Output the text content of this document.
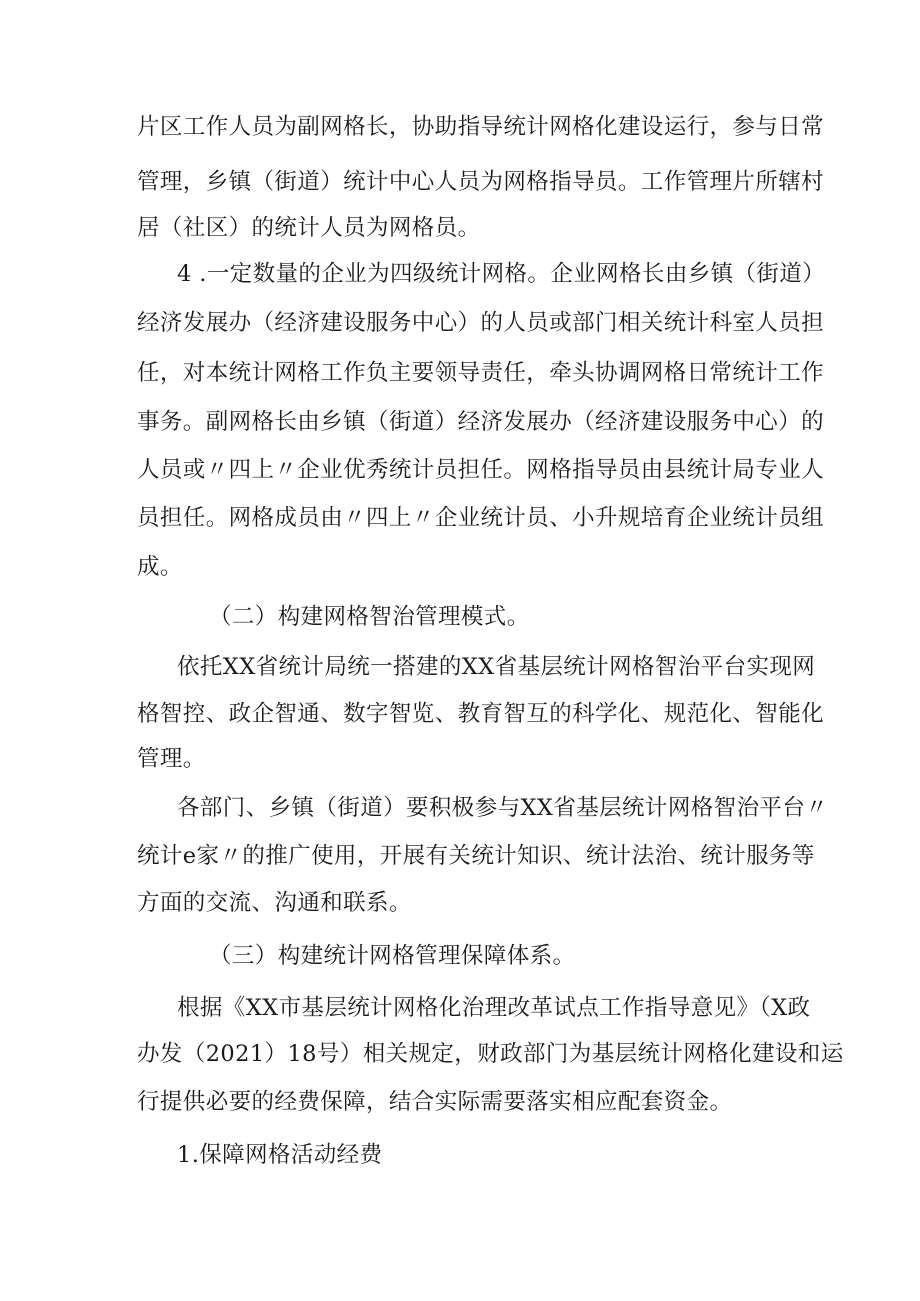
片区工作人员为副网格长，协助指导统计网格化建设运行，参与日常
管理，乡镇（街道）统计中心人员为网格指导员。工作管理片所辖村
居（社区）的统计人员为网格员。
4 .一定数量的企业为四级统计网格。企业网格长由乡镇（街道）
经济发展办（经济建设服务中心）的人员或部门相关统计科室人员担
任，对本统计网格工作负主要领导责任，牵头协调网格日常统计工作
事务。副网格长由乡镇（街道）经济发展办（经济建设服务中心）的
人员或〃四上〃企业优秀统计员担任。网格指导员由县统计局专业人
员担任。网格成员由〃四上〃企业统计员、小升规培育企业统计员组
成。
（二）构建网格智治管理模式。
依托XX省统计局统一搭建的XX省基层统计网格智治平台实现网
格智控、政企智通、数字智览、教育智互的科学化、规范化、智能化
管理。
各部门、乡镇（街道）要积极参与XX省基层统计网格智治平台〃
统计e家〃的推广使用，开展有关统计知识、统计法治、统计服务等
方面的交流、沟通和联系。
（三）构建统计网格管理保障体系。
根据《XX市基层统计网格化治理改革试点工作指导意见》（X政
办发（2021）18号）相关规定，财政部门为基层统计网格化建设和运
行提供必要的经费保障，结合实际需要落实相应配套资金。
1.保障网格活动经费
